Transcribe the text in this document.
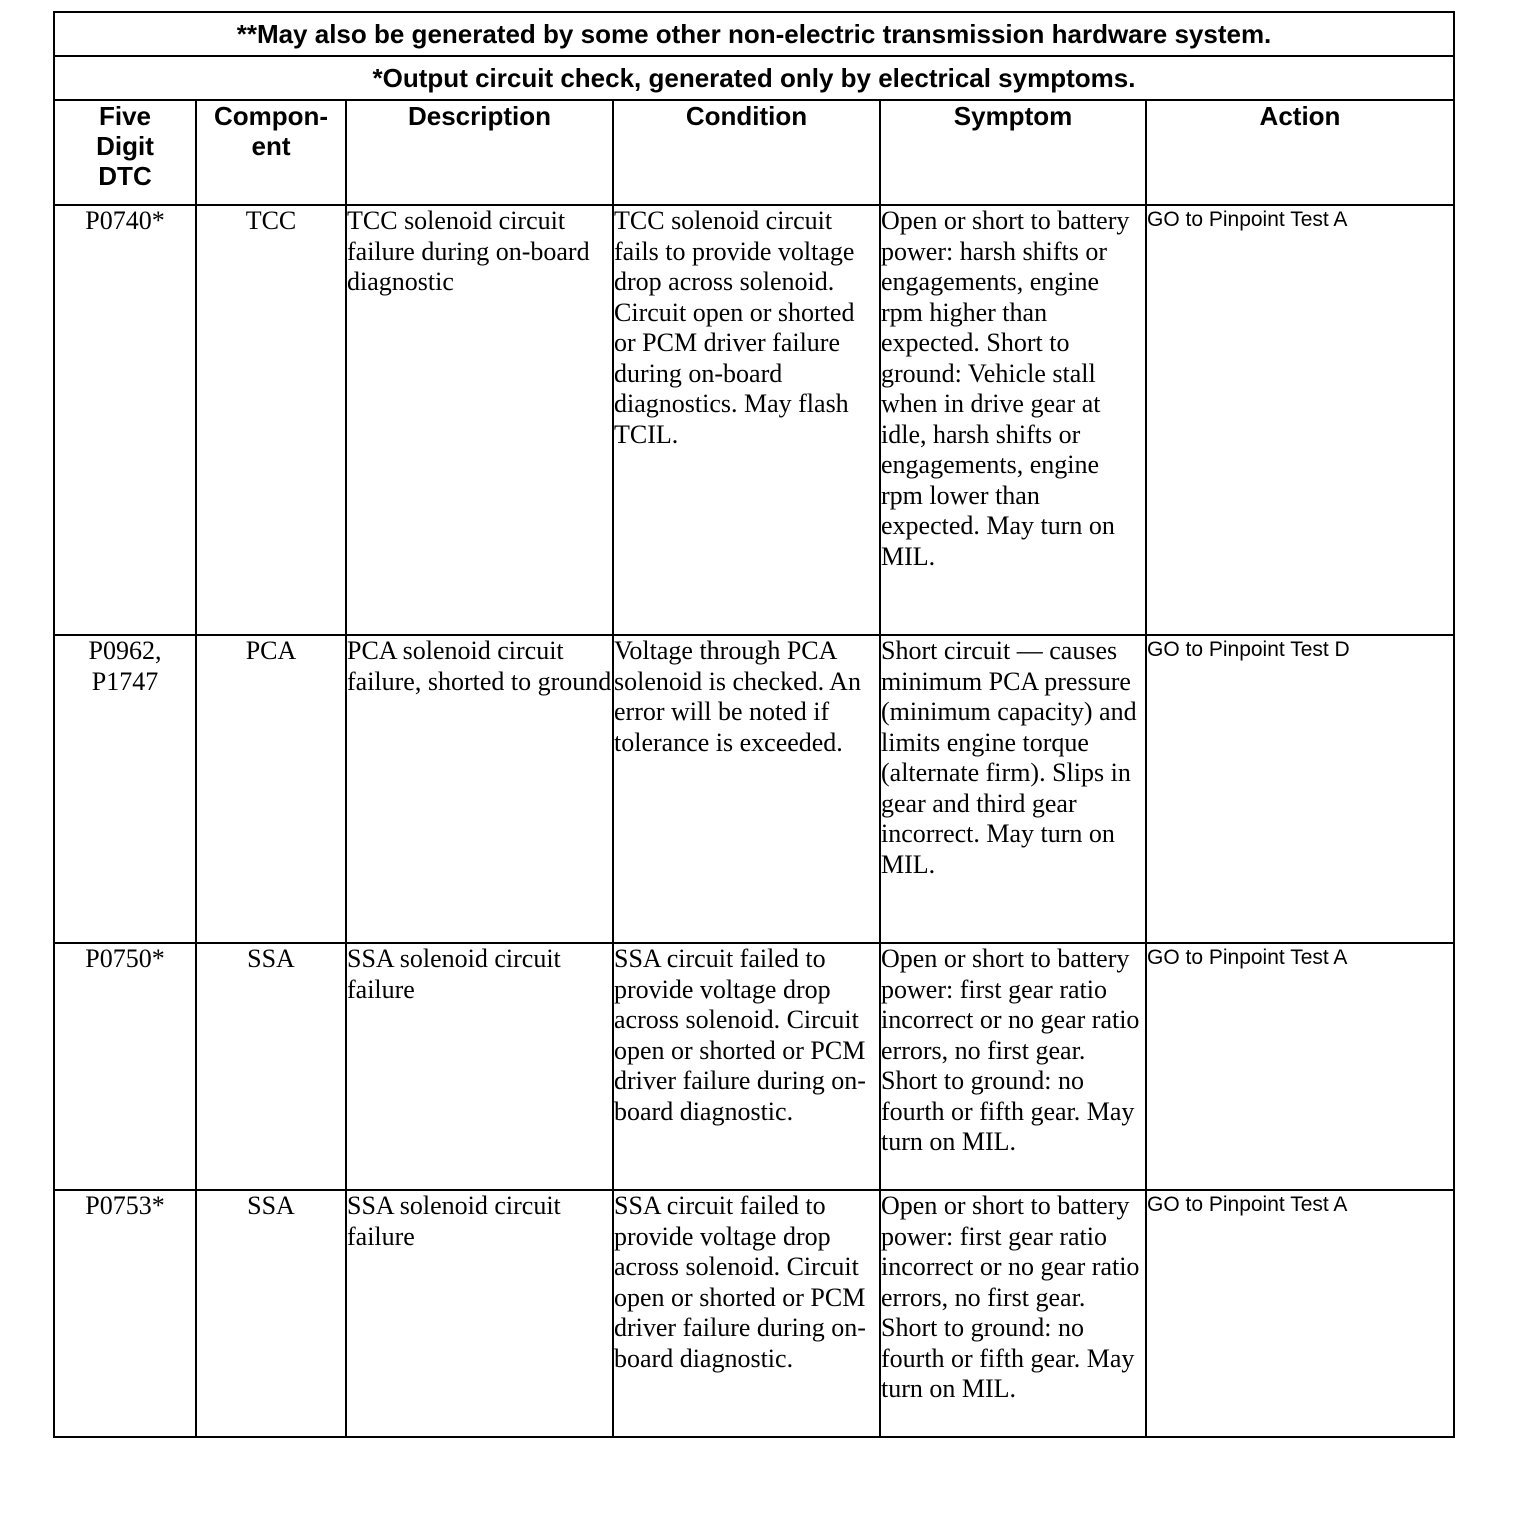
**May also be generated by some other non-electric transmission hardware system.					
*Output circuit check, generated only by electrical symptoms.					
Five Digit DTC	Compon- ent	Description	Condition	Symptom	Action
P0740*	TCC	TCC solenoid circuit failure during on-board diagnostic	TCC solenoid circuit fails to provide voltage drop across solenoid. Circuit open or shorted or PCM driver failure during on-board diagnostics. May flash TCIL.	Open or short to battery power: harsh shifts or engagements, engine rpm higher than expected. Short to ground: Vehicle stall when in drive gear at idle, harsh shifts or engagements, engine rpm lower than expected. May turn on MIL.	GO to Pinpoint Test A
P0962, P1747	PCA	PCA solenoid circuit failure, shorted to ground	Voltage through PCA solenoid is checked. An error will be noted if tolerance is exceeded.	Short circuit — causes minimum PCA pressure (minimum capacity) and limits engine torque (alternate firm). Slips in gear and third gear incorrect. May turn on MIL.	GO to Pinpoint Test D
P0750*	SSA	SSA solenoid circuit failure	SSA circuit failed to provide voltage drop across solenoid. Circuit open or shorted or PCM driver failure during on-board diagnostic.	Open or short to battery power: first gear ratio incorrect or no gear ratio errors, no first gear. Short to ground: no fourth or fifth gear. May turn on MIL.	GO to Pinpoint Test A
P0753*	SSA	SSA solenoid circuit failure	SSA circuit failed to provide voltage drop across solenoid. Circuit open or shorted or PCM driver failure during on-board diagnostic.	Open or short to battery power: first gear ratio incorrect or no gear ratio errors, no first gear. Short to ground: no fourth or fifth gear. May turn on MIL.	GO to Pinpoint Test A
